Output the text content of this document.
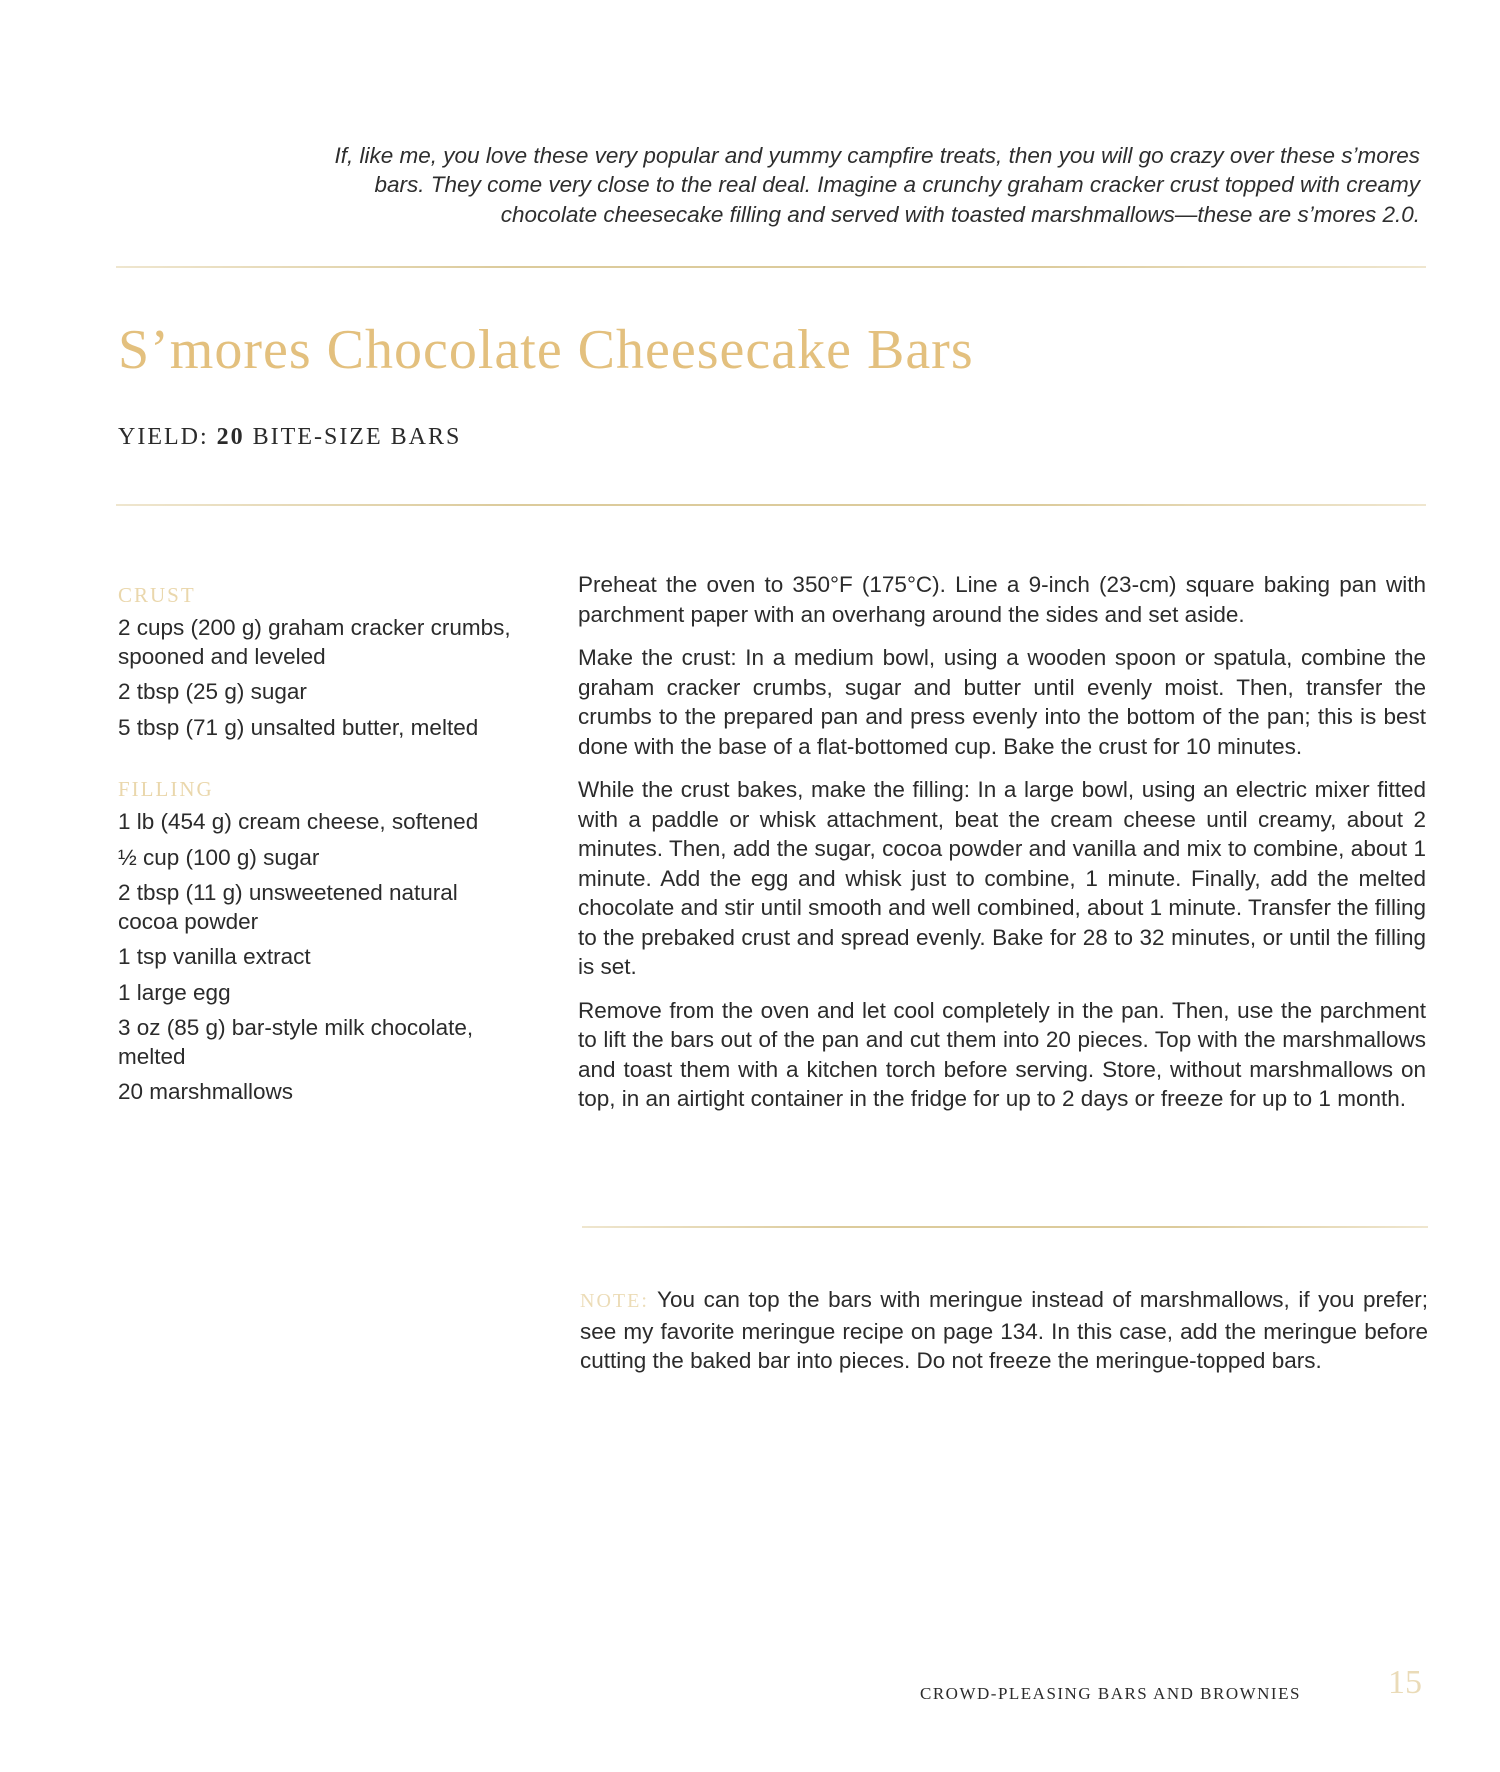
If, like me, you love these very popular and yummy campfire treats, then you will go crazy over these s’mores bars. They come very close to the real deal. Imagine a crunchy graham cracker crust topped with creamy chocolate cheesecake filling and served with toasted marshmallows—these are s’mores 2.0.

S’mores Chocolate Cheesecake Bars
YIELD: 20 BITE-SIZE BARS
CRUST
2 cups (200 g) graham cracker crumbs, spooned and leveled
2 tbsp (25 g) sugar
5 tbsp (71 g) unsalted butter, melted
FILLING
1 lb (454 g) cream cheese, softened
½ cup (100 g) sugar
2 tbsp (11 g) unsweetened natural cocoa powder
1 tsp vanilla extract
1 large egg
3 oz (85 g) bar-style milk chocolate, melted
20 marshmallows

Preheat the oven to 350°F (175°C). Line a 9-inch (23-cm) square baking pan with parchment paper with an overhang around the sides and set aside.

Make the crust: In a medium bowl, using a wooden spoon or spatula, combine the graham cracker crumbs, sugar and butter until evenly moist. Then, transfer the crumbs to the prepared pan and press evenly into the bottom of the pan; this is best done with the base of a flat-bottomed cup. Bake the crust for 10 minutes.

While the crust bakes, make the filling: In a large bowl, using an electric mixer fitted with a paddle or whisk attachment, beat the cream cheese until creamy, about 2 minutes. Then, add the sugar, cocoa powder and vanilla and mix to combine, about 1 minute. Add the egg and whisk just to combine, 1 minute. Finally, add the melted chocolate and stir until smooth and well combined, about 1 minute. Transfer the filling to the prebaked crust and spread evenly. Bake for 28 to 32 minutes, or until the filling is set.

Remove from the oven and let cool completely in the pan. Then, use the parchment to lift the bars out of the pan and cut them into 20 pieces. Top with the marshmallows and toast them with a kitchen torch before serving. Store, without marshmallows on top, in an airtight container in the fridge for up to 2 days or freeze for up to 1 month.

NOTE: You can top the bars with meringue instead of marshmallows, if you prefer; see my favorite meringue recipe on page 134. In this case, add the meringue before cutting the baked bar into pieces. Do not freeze the meringue-topped bars.

CROWD-PLEASING BARS AND BROWNIES	15
